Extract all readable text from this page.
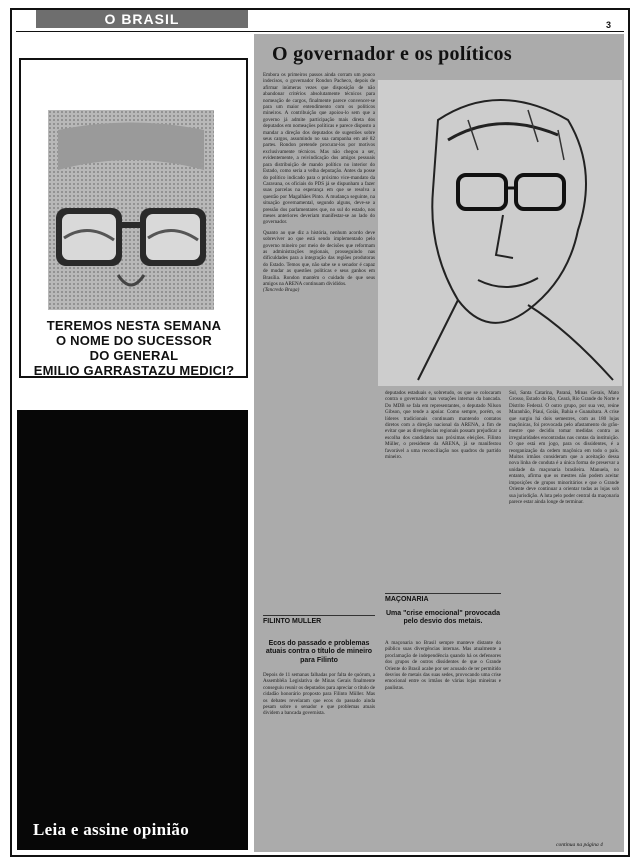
O BRASIL	3
TEREMOS NESTA SEMANA
O NOME DO SUCESSOR
DO GENERAL
EMILIO GARRASTAZU MEDICI?
Leia e assine opinião
O governador e os políticos
Embora os primeiros passos ainda corram um pouco indecisos, o governador Rondon Pacheco, depois de afirmar inúmeras vezes que disposição de não abandonar critérios absolutamente técnicos para nomeação de cargos, finalmente parece convencer-se para um maior entendimento com os políticos mineiros. A contribuição que apoiou-lo sem que a governo já admite participação mais direta dos deputados em nomeações políticas e parece disposto a mandar a direção dos deputados de sugestões sobre seus cargos, assumindo no sua campanha em até 82 partes. Rondon pretende procurar-los por motivos exclusivamente técnicos. Mas não chegou a ser, evidentemente, a reivindicação dos amigos pessoais para distribuição de mando político no interior do Estado, como seria a velha deputação. Antes da posse do político indicado para o próximo vice-mandato da Caravana, os oficiais do PDS já se dispunham a fazer suas parcelas na esperança em que se resolva a questão por Magalhães Pinto. A mudança seguinte, na situação governamental, segundo alguns, deve-se a pressão dos parlamentares que, no sul do estado, nos meses anteriores deveriam manifestar-se ao lado do governador.
Quanto ao que diz a história, nenhum acordo deve sobreviver ao que está sendo implementado pelo governo mineiro por meio de decisões que reformam as administrações regionais, prosseguindo nas dificuldades para a integração das regiões produtoras do Estado. Temos que, não sabe se o senador é capaz de mudar as questões políticas e seus ganhos em Brasília. Rondon mantém o cuidado de que seus amigos na ARENA continuam divididos.
(Tancredo Braga)
deputados estaduais e, sobretudo, os que se colocaram contra o governador nas votações internas da bancada. Do MDB se fala em representantes, o deputado Nilson Gibson, que tende a apoiar. Como sempre, porém, os líderes tradicionais continuam mantendo contatos diretos com a direção nacional da ARENA, a fim de evitar que as divergências regionais possam prejudicar a escolha dos candidatos nas próximas eleições. Filinto Müller, o presidente da ARENA, já se manifestou favorável a uma reconciliação nos quadros do partido mineiro.
Sul, Santa Catarina, Paraná, Minas Gerais, Mato Grosso, Estado do Rio, Ceará, Rio Grande do Norte e Distrito Federal. O outro grupo, por sua vez, reúne Maranhão, Piauí, Goiás, Bahia e Guanabara. A crise que surgiu há dois semestres, com as 180 lojas maçônicas, foi provocada pelo afastamento do grão-mestre que decidiu tomar medidas contra as irregularidades encontradas nas contas da instituição. O que está em jogo, para os dissidentes, é a reorganização da ordem maçônica em todo o país. Muitos irmãos consideram que a aceitação dessa nova linha de conduta é a única forma de preservar a unidade da maçonaria brasileira. Manuela, no entanto, afirma que os mestres não podem aceitar imposições de grupos minoritários e que o Grande Oriente deve continuar a orientar todas as lojas sob sua jurisdição. A luta pelo poder central da maçonaria parece estar ainda longe de terminar.
FILINTO MULLER
Ecos do passado e problemas atuais contra o título de mineiro para Filinto
Depois de 11 semanas falhadas por falta de quórum, a Assembléia Legislativa de Minas Gerais finalmente conseguiu reunir os deputados para apreciar o título de cidadão honorário proposto para Filinto Müller. Mas os debates revelaram que ecos do passado ainda pesam sobre o senador e que problemas atuais dividem a bancada governista.
MAÇONARIA
Uma "crise emocional" provocada pelo desvio dos metais.
A maçonaria no Brasil sempre manteve distante do público suas divergências internas. Mas atualmente a proclamação de independência quando há os defensores dos grupos de outros dissidentes de que o Grande Oriente do Brasil acabe por ser acusado de ter permitido desvios de metais das suas sedes, provocando uma crise emocional entre os irmãos de várias lojas mineiras e paulistas.
continua na página 4
